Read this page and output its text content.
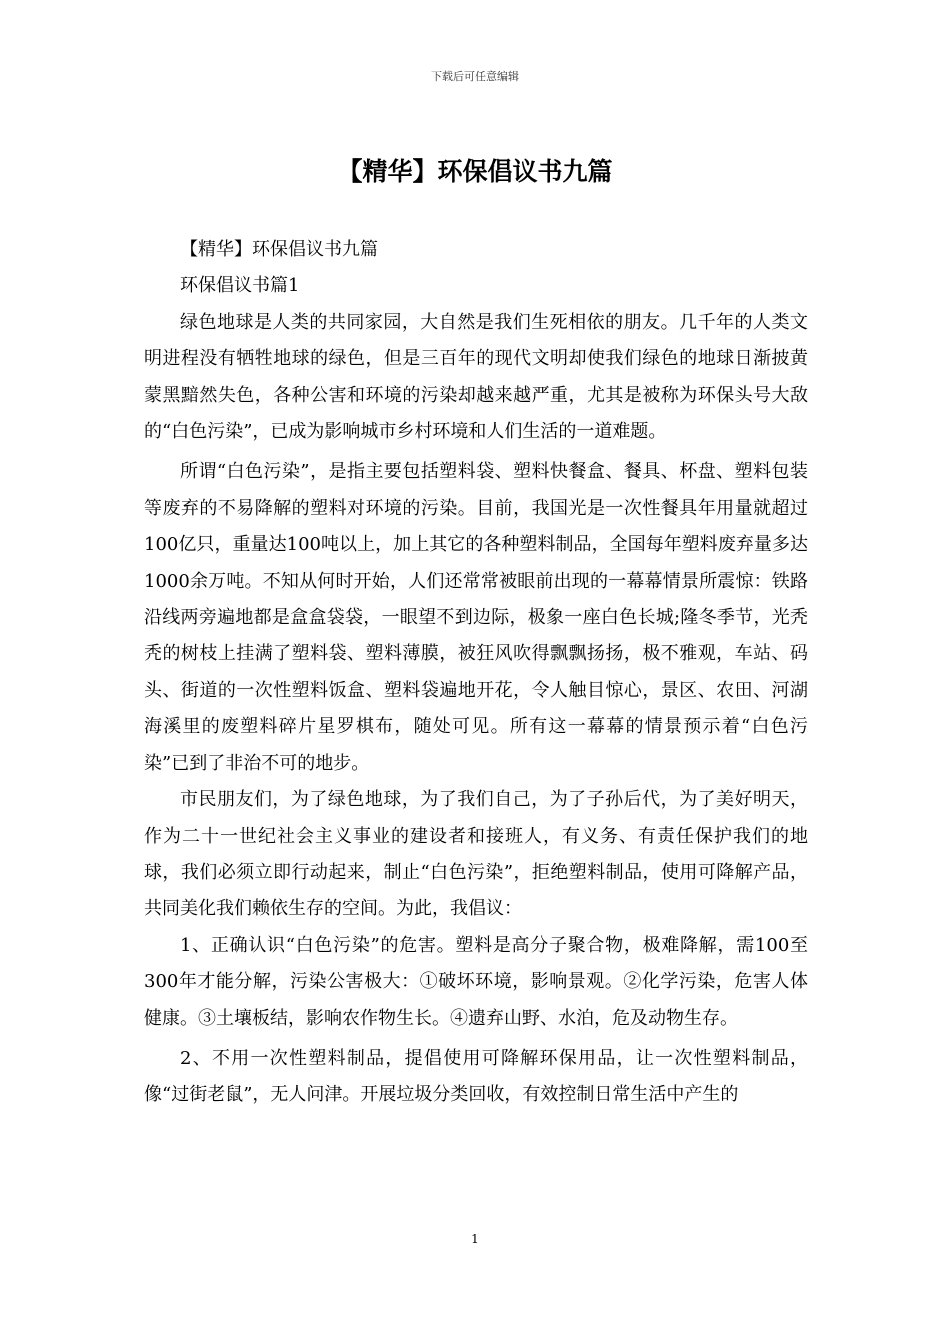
下载后可任意编辑
【精华】环保倡议书九篇

【精华】环保倡议书九篇

环保倡议书篇1

绿色地球是人类的共同家园，大自然是我们生死相依的朋友。几千年的人类文明进程没有牺牲地球的绿色，但是三百年的现代文明却使我们绿色的地球日渐披黄蒙黑黯然失色，各种公害和环境的污染却越来越严重，尤其是被称为环保头号大敌的“白色污染”，已成为影响城市乡村环境和人们生活的一道难题。

所谓“白色污染”，是指主要包括塑料袋、塑料快餐盒、餐具、杯盘、塑料包装等废弃的不易降解的塑料对环境的污染。目前，我国光是一次性餐具年用量就超过100亿只，重量达100吨以上，加上其它的各种塑料制品，全国每年塑料废弃量多达1000余万吨。不知从何时开始，人们还常常被眼前出现的一幕幕情景所震惊：铁路沿线两旁遍地都是盒盒袋袋，一眼望不到边际，极象一座白色长城;隆冬季节，光秃秃的树枝上挂满了塑料袋、塑料薄膜，被狂风吹得飘飘扬扬，极不雅观，车站、码头、街道的一次性塑料饭盒、塑料袋遍地开花，令人触目惊心，景区、农田、河湖海溪里的废塑料碎片星罗棋布，随处可见。所有这一幕幕的情景预示着“白色污染”已到了非治不可的地步。

市民朋友们，为了绿色地球，为了我们自己，为了子孙后代，为了美好明天，作为二十一世纪社会主义事业的建设者和接班人，有义务、有责任保护我们的地球，我们必须立即行动起来，制止“白色污染”，拒绝塑料制品，使用可降解产品，共同美化我们赖依生存的空间。为此，我倡议：

1、正确认识“白色污染”的危害。塑料是高分子聚合物，极难降解，需100至300年才能分解，污染公害极大：①破坏环境，影响景观。②化学污染，危害人体健康。③土壤板结，影响农作物生长。④遗弃山野、水泊，危及动物生存。

2、不用一次性塑料制品，提倡使用可降解环保用品，让一次性塑料制品，像“过街老鼠”，无人问津。开展垃圾分类回收，有效控制日常生活中产生的

1
